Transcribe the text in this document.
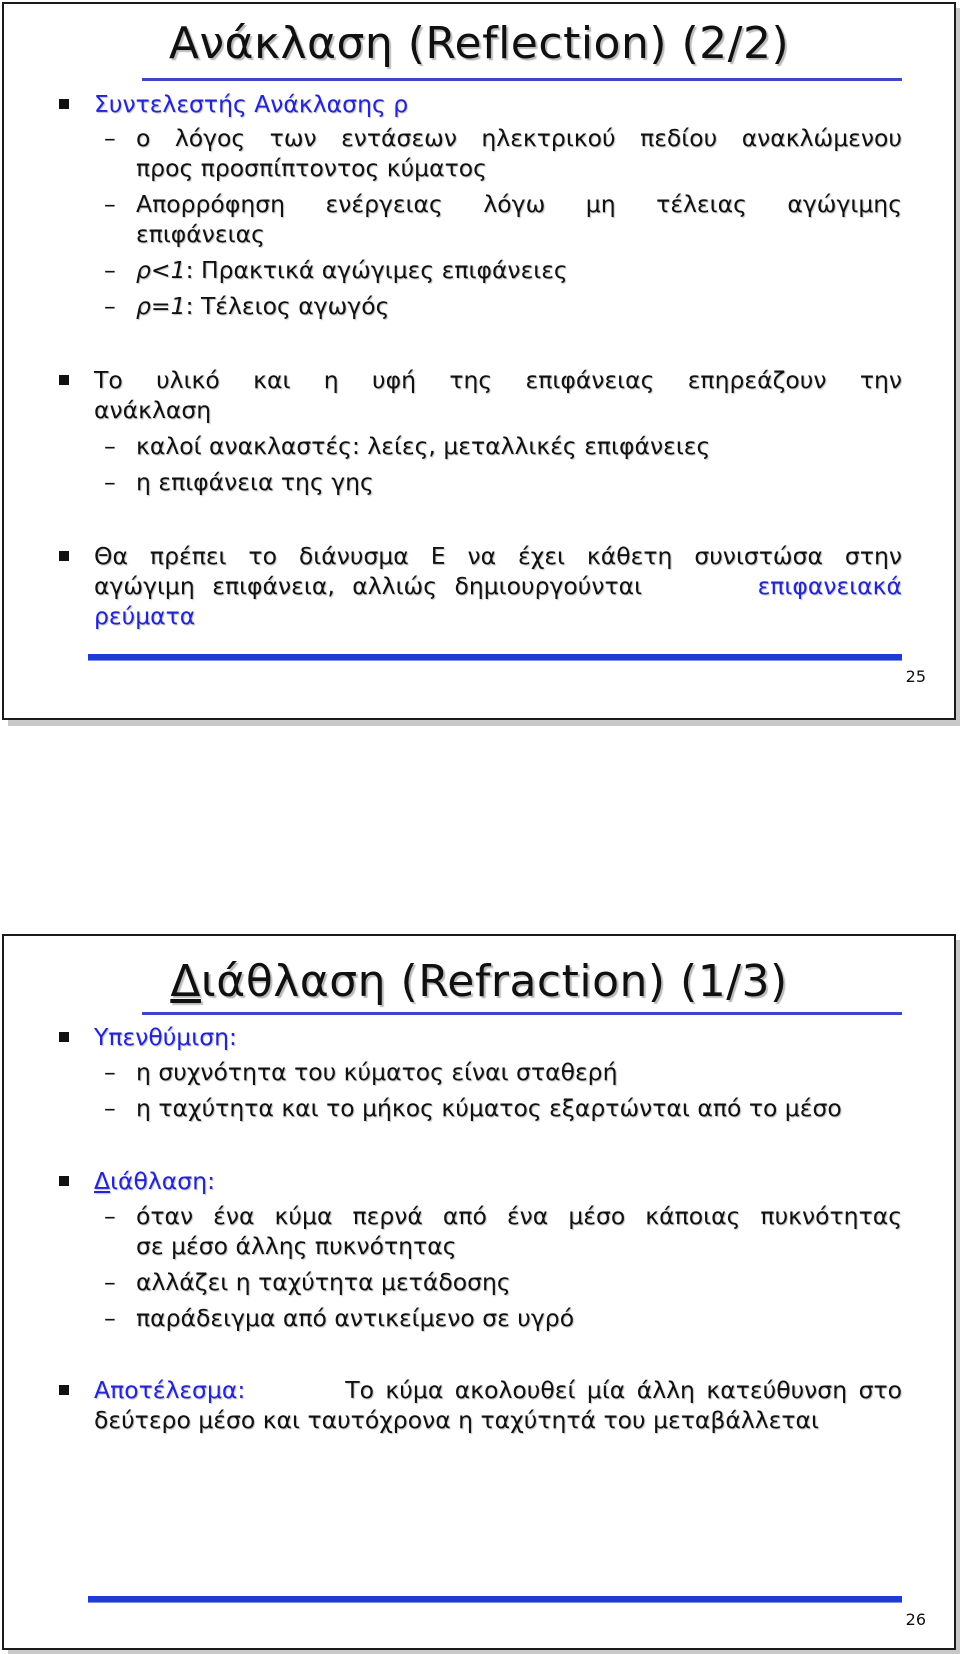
Ανάκλαση (Reflection) (2/2)
Συντελεστής Ανάκλασης ρ
– ο λόγος των εντάσεων ηλεκτρικού πεδίου ανακλώμενου
προς προσπίπτοντος κύματος
– Απορρόφηση ενέργειας λόγω μη τέλειας αγώγιμης
επιφάνειας
– ρ<1: Πρακτικά αγώγιμες επιφάνειες
– ρ=1: Τέλειος αγωγός
Το υλικό και η υφή της επιφάνειας επηρεάζουν την
ανάκλαση
– καλοί ανακλαστές: λείες, μεταλλικές επιφάνειες
– η επιφάνεια της γης
Θα πρέπει το διάνυσμα Ε να έχει κάθετη συνιστώσα στην
αγώγιμη επιφάνεια, αλλιώς δημιουργούνται	επιφανειακά
ρεύματα
25
Διάθλαση (Refraction) (1/3)
Υπενθύμιση:
– η συχνότητα του κύματος είναι σταθερή
– η ταχύτητα και το μήκος κύματος εξαρτώνται από το μέσο
Διάθλαση:
– όταν ένα κύμα περνά από ένα μέσο κάποιας πυκνότητας
σε μέσο άλλης πυκνότητας
– αλλάζει η ταχύτητα μετάδοσης
– παράδειγμα από αντικείμενο σε υγρό
Αποτέλεσμα:	Το κύμα ακολουθεί μία άλλη κατεύθυνση στο
δεύτερο μέσο και ταυτόχρονα η ταχύτητά του μεταβάλλεται
26
